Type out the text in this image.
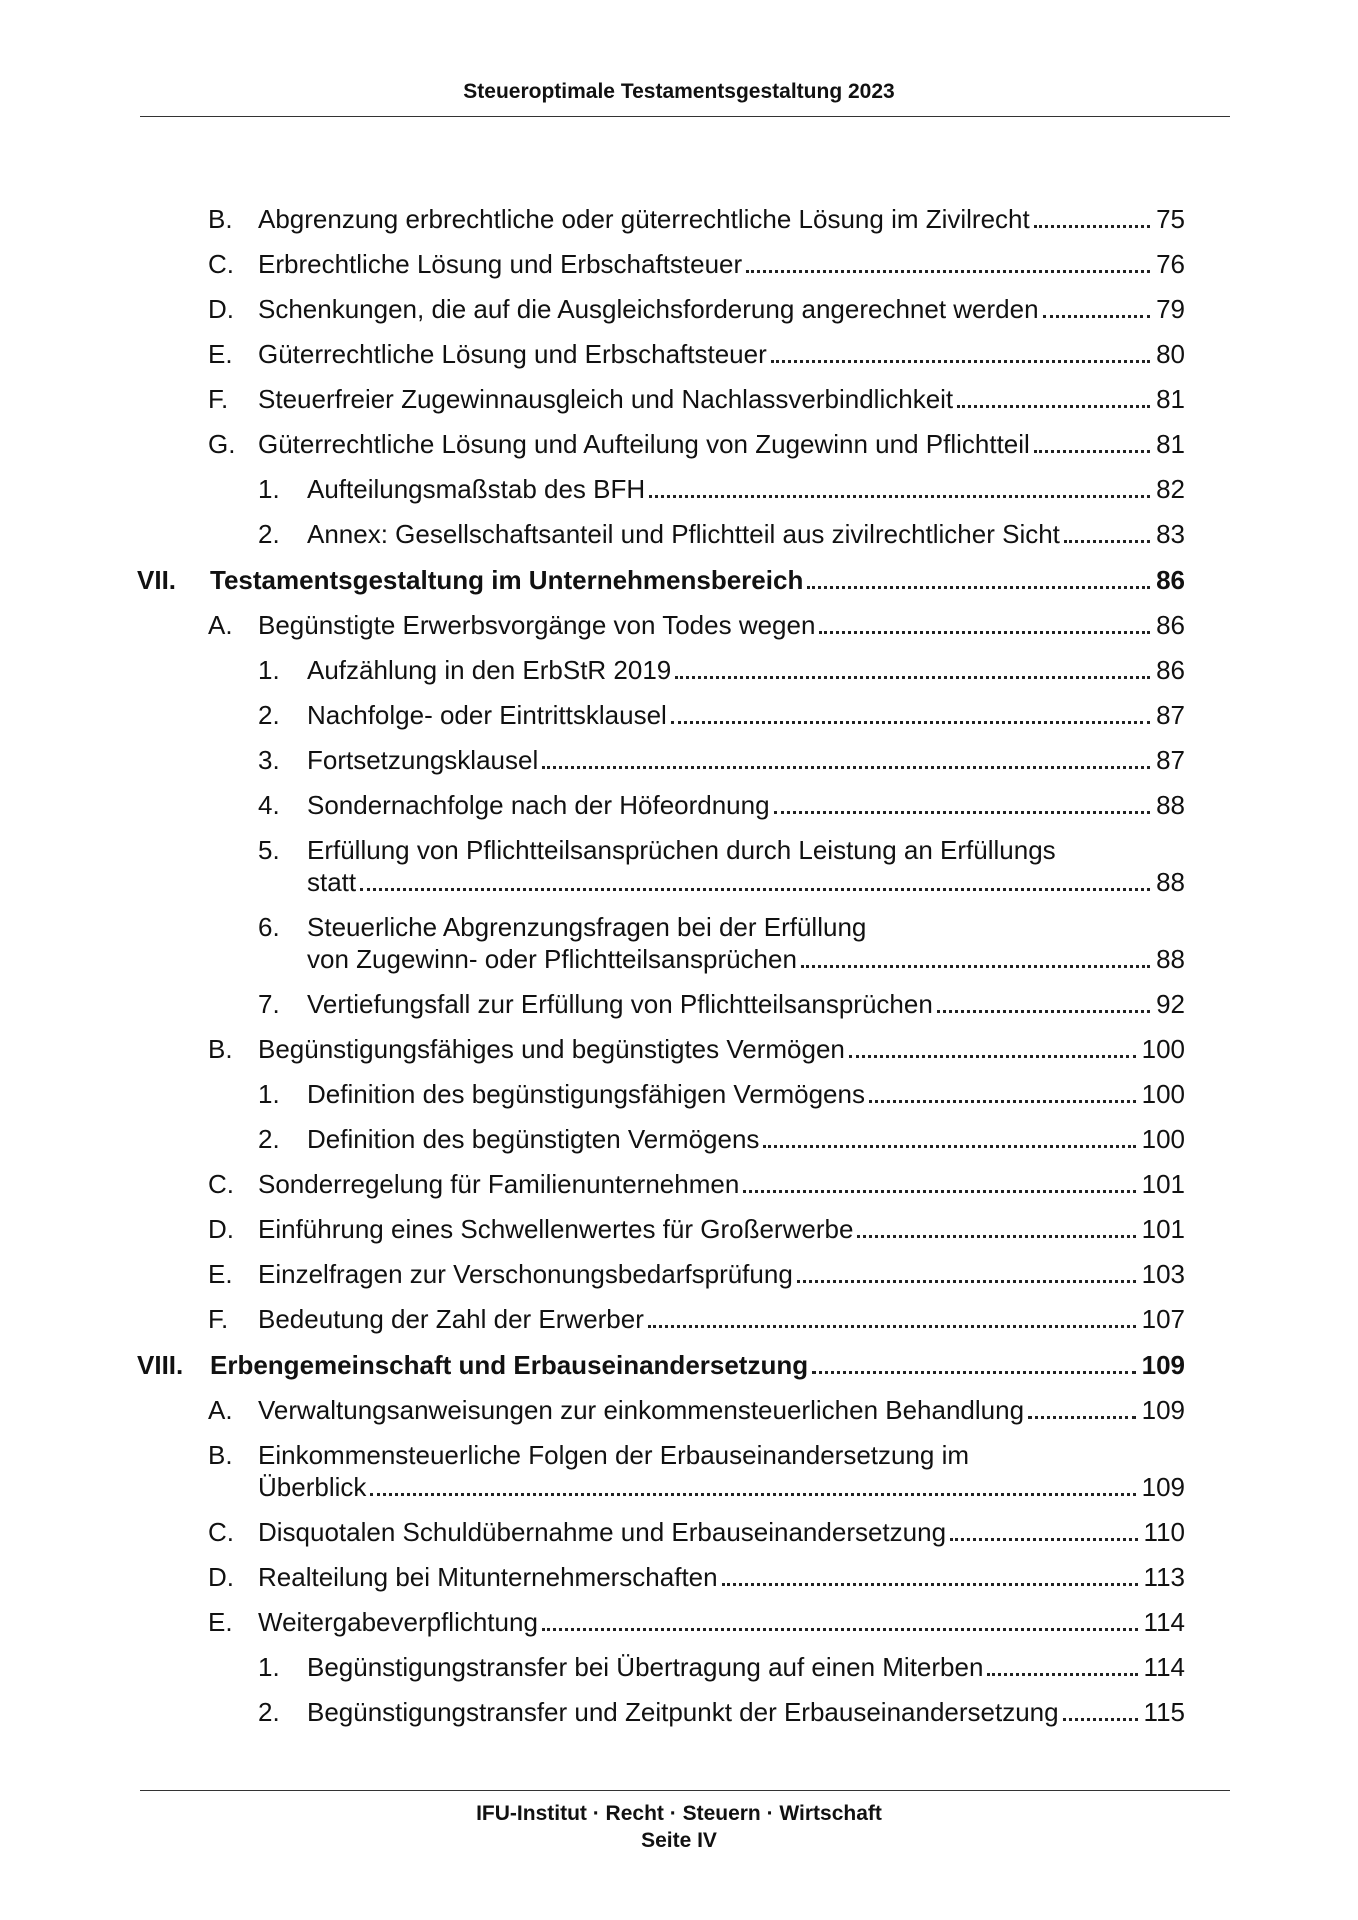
Steueroptimale Testamentsgestaltung 2023
B. Abgrenzung erbrechtliche oder güterrechtliche Lösung im Zivilrecht	75
C. Erbrechtliche Lösung und Erbschaftsteuer	76
D. Schenkungen, die auf die Ausgleichsforderung angerechnet werden	79
E. Güterrechtliche Lösung und Erbschaftsteuer	80
F. Steuerfreier Zugewinnausgleich und Nachlassverbindlichkeit	81
G. Güterrechtliche Lösung und Aufteilung von Zugewinn und Pflichtteil	81
1. Aufteilungsmaßstab des BFH	82
2. Annex: Gesellschaftsanteil und Pflichtteil aus zivilrechtlicher Sicht	83
VII. Testamentsgestaltung im Unternehmensbereich	86
A. Begünstigte Erwerbsvorgänge von Todes wegen	86
1. Aufzählung in den ErbStR 2019	86
2. Nachfolge- oder Eintrittsklausel	87
3. Fortsetzungsklausel	87
4. Sondernachfolge nach der Höfeordnung	88
5. Erfüllung von Pflichtteilsansprüchen durch Leistung an Erfüllungs
statt	88
6. Steuerliche Abgrenzungsfragen bei der Erfüllung
von Zugewinn- oder Pflichtteilsansprüchen	88
7. Vertiefungsfall zur Erfüllung von Pflichtteilsansprüchen	92
B. Begünstigungsfähiges und begünstigtes Vermögen	100
1. Definition des begünstigungsfähigen Vermögens	100
2. Definition des begünstigten Vermögens	100
C. Sonderregelung für Familienunternehmen	101
D. Einführung eines Schwellenwertes für Großerwerbe	101
E. Einzelfragen zur Verschonungsbedarfsprüfung	103
F. Bedeutung der Zahl der Erwerber	107
VIII. Erbengemeinschaft und Erbauseinandersetzung	109
A. Verwaltungsanweisungen zur einkommensteuerlichen Behandlung	109
B. Einkommensteuerliche Folgen der Erbauseinandersetzung im
Überblick	109
C. Disquotalen Schuldübernahme und Erbauseinandersetzung	110
D. Realteilung bei Mitunternehmerschaften	113
E. Weitergabeverpflichtung	114
1. Begünstigungstransfer bei Übertragung auf einen Miterben	114
2. Begünstigungstransfer und Zeitpunkt der Erbauseinandersetzung	115
IFU-Institut · Recht · Steuern · Wirtschaft
Seite IV
